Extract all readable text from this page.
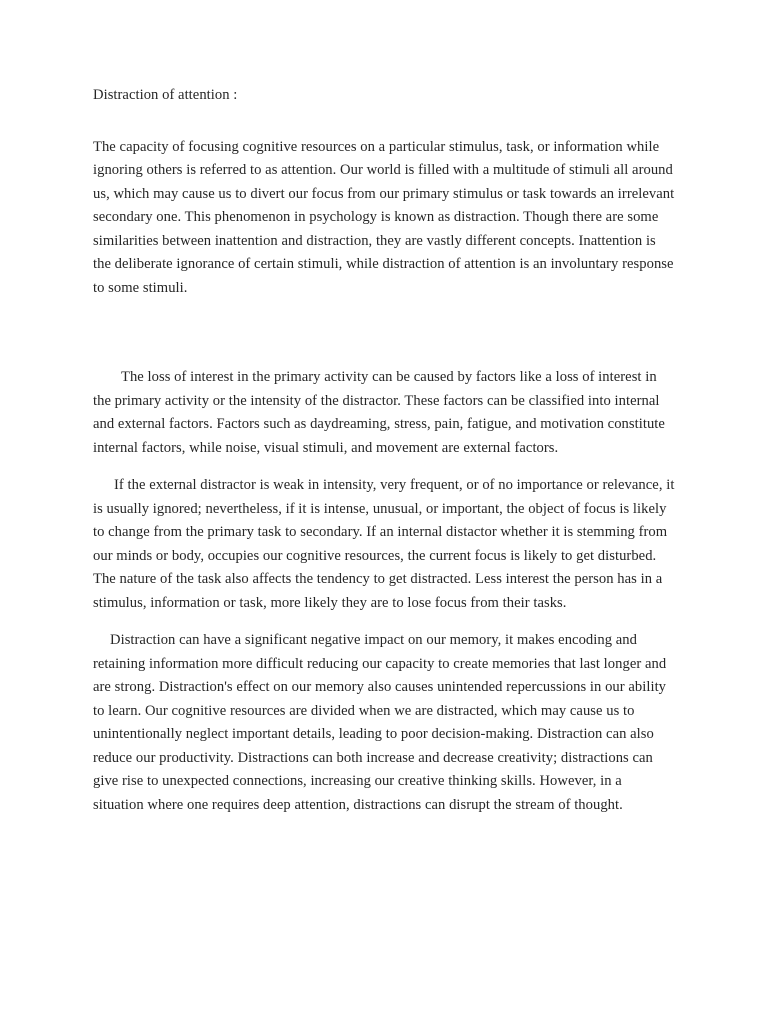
Distraction of attention :

The capacity of focusing cognitive resources on a particular stimulus, task, or information while ignoring others is referred to as attention. Our world is filled with a multitude of stimuli all around us, which may cause us to divert our focus from our primary stimulus or task towards an irrelevant secondary one. This phenomenon in psychology is known as distraction. Though there are some similarities between inattention and distraction, they are vastly different concepts. Inattention is the deliberate ignorance of certain stimuli, while distraction of attention is an involuntary response to some stimuli.

The loss of interest in the primary activity can be caused by factors like a loss of interest in the primary activity or the intensity of the distractor. These factors can be classified into internal and external factors. Factors such as daydreaming, stress, pain, fatigue, and motivation constitute internal factors, while noise, visual stimuli, and movement are external factors.

If the external distractor is weak in intensity, very frequent, or of no importance or relevance, it is usually ignored; nevertheless, if it is intense, unusual, or important, the object of focus is likely to change from the primary task to secondary. If an internal distactor whether it is stemming from our minds or body, occupies our cognitive resources, the current focus is likely to get disturbed. The nature of the task also affects the tendency to get distracted. Less interest the person has in a stimulus, information or task, more likely they are to lose focus from their tasks.

Distraction can have a significant negative impact on our memory, it makes encoding and retaining information more difficult reducing our capacity to create memories that last longer and are strong. Distraction's effect on our memory also causes unintended repercussions in our ability to learn. Our cognitive resources are divided when we are distracted, which may cause us to unintentionally neglect important details, leading to poor decision-making. Distraction can also reduce our productivity. Distractions can both increase and decrease creativity; distractions can give rise to unexpected connections, increasing our creative thinking skills. However, in a situation where one requires deep attention, distractions can disrupt the stream of thought.
